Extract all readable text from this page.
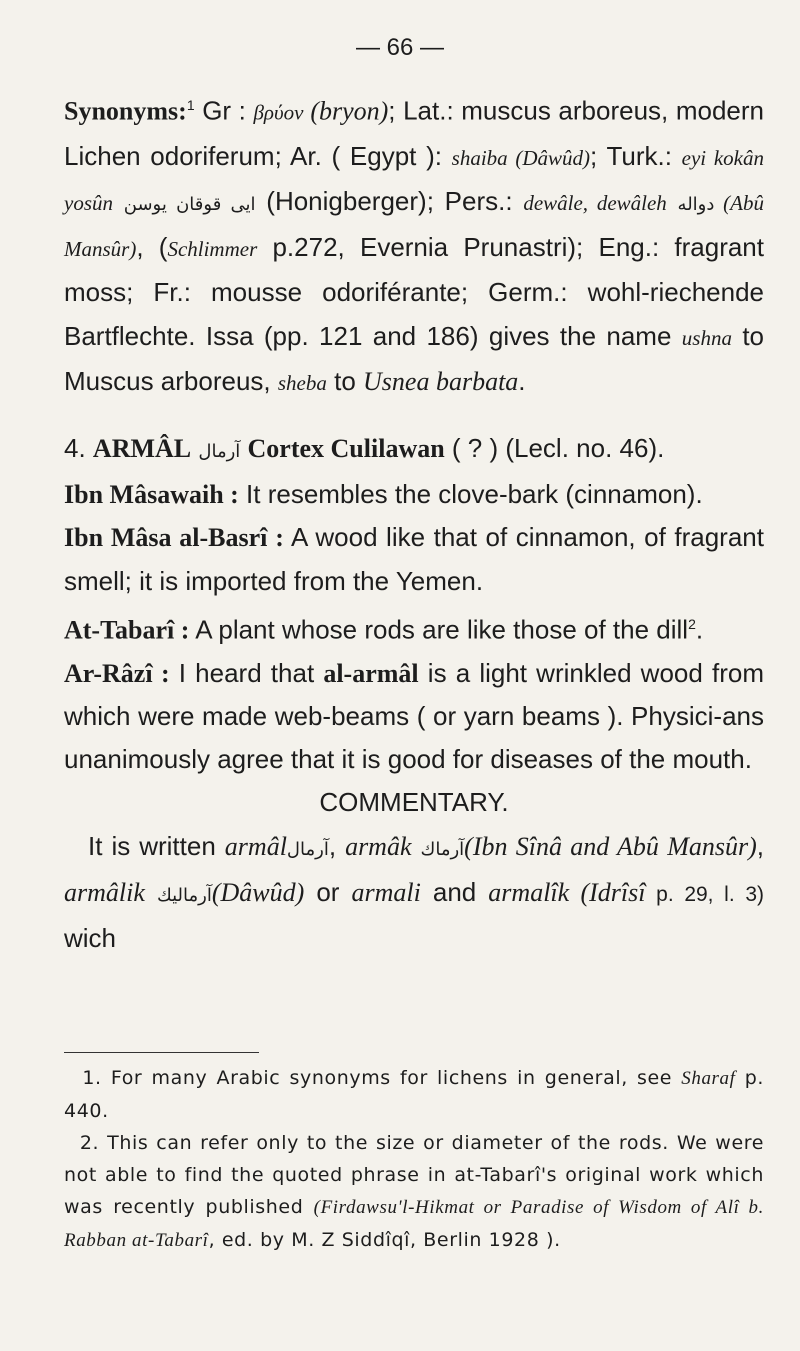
— 66 —

Synonyms:$^1$ Gr : βρύον (bryon); Lat.: muscus arboreus, modern Lichen odoriferum; Ar. ( Egypt ): shaiba (Dâwûd); Turk.: eyi kokân yosûn ایی قوقان یوسن (Honigberger); Pers.: dewâle, dewâleh دواله (Abû Mansûr), (Schlimmer p.272, Evernia Prunastri); Eng.: fragrant moss; Fr.: mousse odoriférante; Germ.: wohl-riechende Bartflechte. Issa (pp. 121 and 186) gives the name ushna to Muscus arboreus, sheba to Usnea barbata.

4. ARMÂL آرمال Cortex Culilawan ( ? ) (Lecl. no. 46).

Ibn Mâsawaih : It resembles the clove-bark (cinnamon).

Ibn Mâsa al-Basrî : A wood like that of cinnamon, of fragrant smell; it is imported from the Yemen.

At-Tabarî : A plant whose rods are like those of the dill$^2$.

Ar-Râzî : I heard that al-armâl is a light wrinkled wood from which were made web-beams ( or yarn beams ). Physici-ans unanimously agree that it is good for diseases of the mouth.

COMMENTARY.

It is written armâlآرمال, armâk آرماك(Ibn Sînâ and Abû Mansûr), armâlik آرماليك(Dâwûd) or armali and armalîk (Idrîsî p. 29, l. 3) wich

1. For many Arabic synonyms for lichens in general, see Sharaf p. 440.

2. This can refer only to the size or diameter of the rods. We were not able to find the quoted phrase in at-Tabarî's original work which was recently published (Firdawsu'l-Hikmat or Paradise of Wisdom of Alî b. Rabban at-Tabarî, ed. by M. Z Siddîqî, Berlin 1928 ).
